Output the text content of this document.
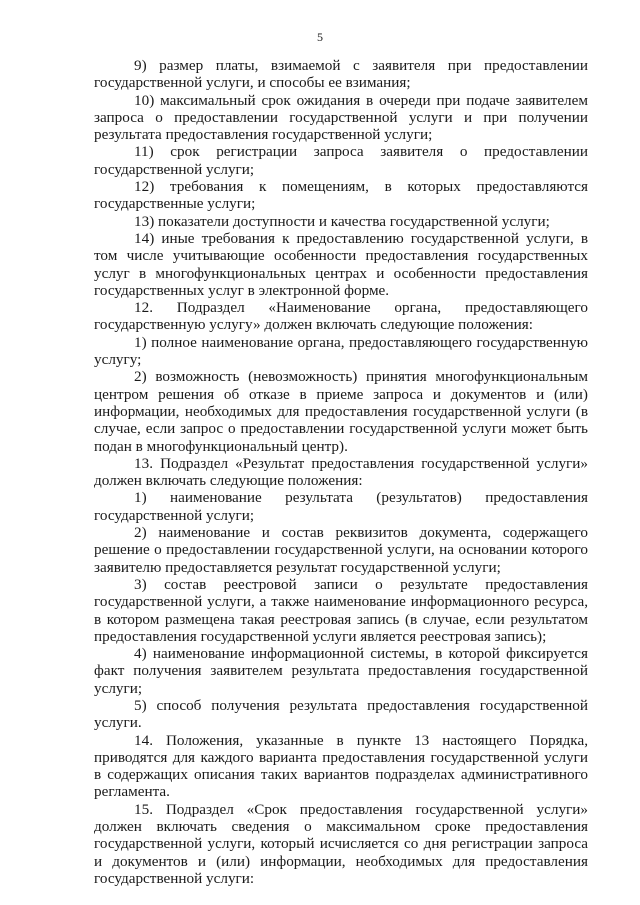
5

9) размер платы, взимаемой с заявителя при предоставлении государственной услуги, и способы ее взимания;

10) максимальный срок ожидания в очереди при подаче заявителем запроса о предоставлении государственной услуги и при получении результата предоставления государственной услуги;

11) срок регистрации запроса заявителя о предоставлении государственной услуги;

12) требования к помещениям, в которых предоставляются государственные услуги;

13) показатели доступности и качества государственной услуги;

14) иные требования к предоставлению государственной услуги, в том числе учитывающие особенности предоставления государственных услуг в многофункциональных центрах и особенности предоставления государственных услуг в электронной форме.

12. Подраздел «Наименование органа, предоставляющего государственную услугу» должен включать следующие положения:

1) полное наименование органа, предоставляющего государственную услугу;

2) возможность (невозможность) принятия многофункциональным центром решения об отказе в приеме запроса и документов и (или) информации, необходимых для предоставления государственной услуги (в случае, если запрос о предоставлении государственной услуги может быть подан в многофункциональный центр).

13. Подраздел «Результат предоставления государственной услуги» должен включать следующие положения:

1) наименование результата (результатов) предоставления государственной услуги;

2) наименование и состав реквизитов документа, содержащего решение о предоставлении государственной услуги, на основании которого заявителю предоставляется результат государственной услуги;

3) состав реестровой записи о результате предоставления государственной услуги, а также наименование информационного ресурса, в котором размещена такая реестровая запись (в случае, если результатом предоставления государственной услуги является реестровая запись);

4) наименование информационной системы, в которой фиксируется факт получения заявителем результата предоставления государственной услуги;

5) способ получения результата предоставления государственной услуги.

14. Положения, указанные в пункте 13 настоящего Порядка, приводятся для каждого варианта предоставления государственной услуги в содержащих описания таких вариантов подразделах административного регламента.

15. Подраздел «Срок предоставления государственной услуги» должен включать сведения о максимальном сроке предоставления государственной услуги, который исчисляется со дня регистрации запроса и документов и (или) информации, необходимых для предоставления государственной услуги:
